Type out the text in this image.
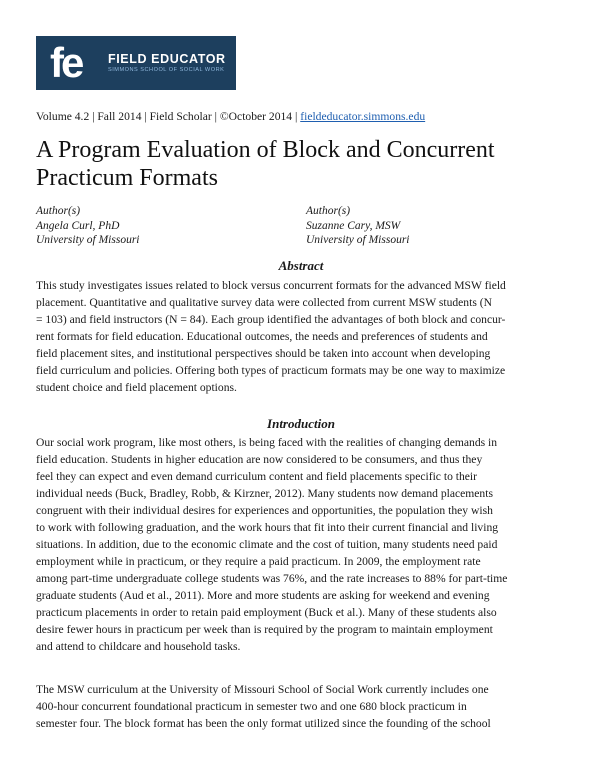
fe FIELD EDUCATOR
SIMMONS SCHOOL OF SOCIAL WORK
Volume 4.2 | Fall 2014 | Field Scholar | ©October 2014 | fieldeducator.simmons.edu
A Program Evaluation of Block and Concurrent
Practicum Formats
Author(s)
Angela Curl, PhD
University of Missouri
Author(s)
Suzanne Cary, MSW
University of Missouri
Abstract
This study investigates issues related to block versus concurrent formats for the advanced MSW field
placement. Quantitative and qualitative survey data were collected from current MSW students (N
= 103) and field instructors (N = 84). Each group identified the advantages of both block and concur-
rent formats for field education. Educational outcomes, the needs and preferences of students and
field placement sites, and institutional perspectives should be taken into account when developing
field curriculum and policies. Offering both types of practicum formats may be one way to maximize
student choice and field placement options.
Introduction
Our social work program, like most others, is being faced with the realities of changing demands in
field education. Students in higher education are now considered to be consumers, and thus they
feel they can expect and even demand curriculum content and field placements specific to their
individual needs (Buck, Bradley, Robb, & Kirzner, 2012). Many students now demand placements
congruent with their individual desires for experiences and opportunities, the population they wish
to work with following graduation, and the work hours that fit into their current financial and living
situations. In addition, due to the economic climate and the cost of tuition, many students need paid
employment while in practicum, or they require a paid practicum. In 2009, the employment rate
among part-time undergraduate college students was 76%, and the rate increases to 88% for part-time
graduate students (Aud et al., 2011). More and more students are asking for weekend and evening
practicum placements in order to retain paid employment (Buck et al.). Many of these students also
desire fewer hours in practicum per week than is required by the program to maintain employment
and attend to childcare and household tasks.
The MSW curriculum at the University of Missouri School of Social Work currently includes one
400-hour concurrent foundational practicum in semester two and one 680 block practicum in
semester four. The block format has been the only format utilized since the founding of the school
